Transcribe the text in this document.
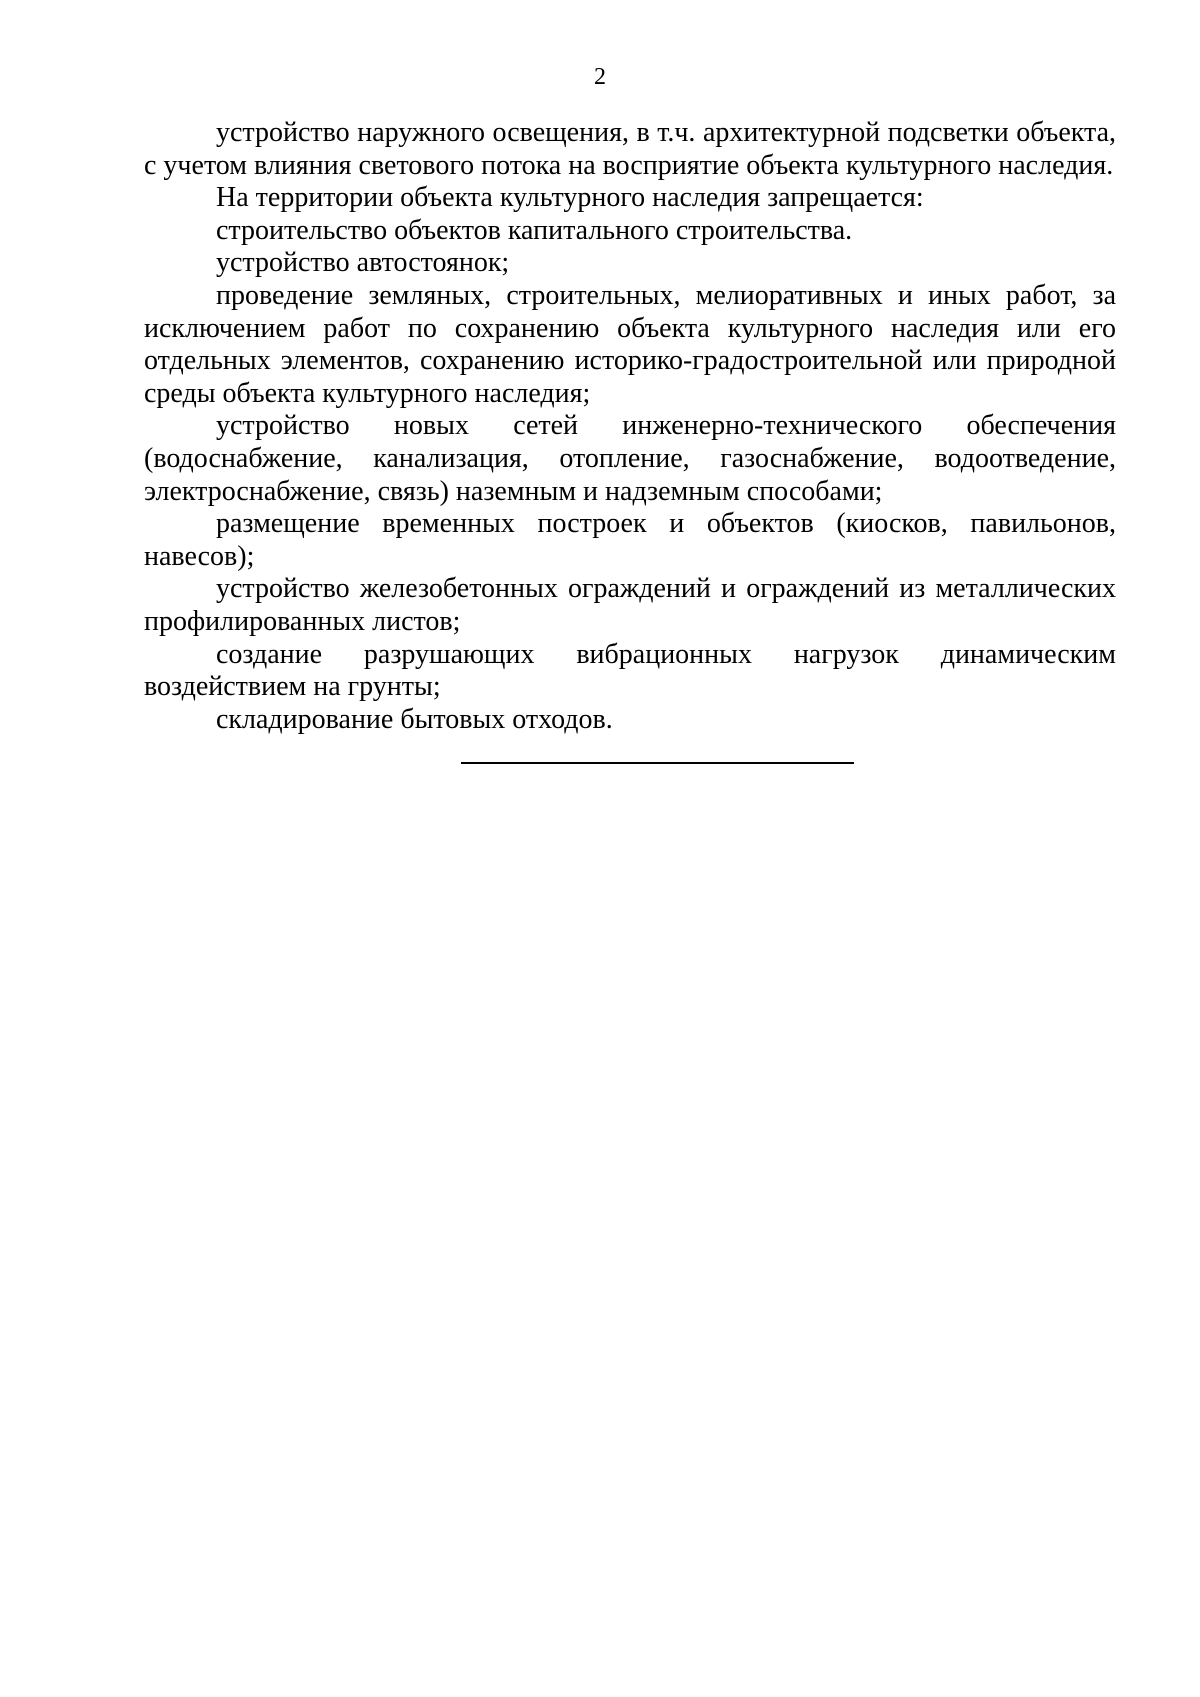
2

устройство наружного освещения, в т.ч. архитектурной подсветки объекта, с учетом влияния светового потока на восприятие объекта культурного наследия.

На территории объекта культурного наследия запрещается:

строительство объектов капитального строительства.

устройство автостоянок;

проведение земляных, строительных, мелиоративных и иных работ, за исключением работ по сохранению объекта культурного наследия или его отдельных элементов, сохранению историко-градостроительной или природной среды объекта культурного наследия;

устройство новых сетей инженерно-технического обеспечения (водоснабжение, канализация, отопление, газоснабжение, водоотведение, электроснабжение, связь) наземным и надземным способами;

размещение временных построек и объектов (киосков, павильонов, навесов);

устройство железобетонных ограждений и ограждений из металлических профилированных листов;

создание разрушающих вибрационных нагрузок динамическим воздействием на грунты;

складирование бытовых отходов.
